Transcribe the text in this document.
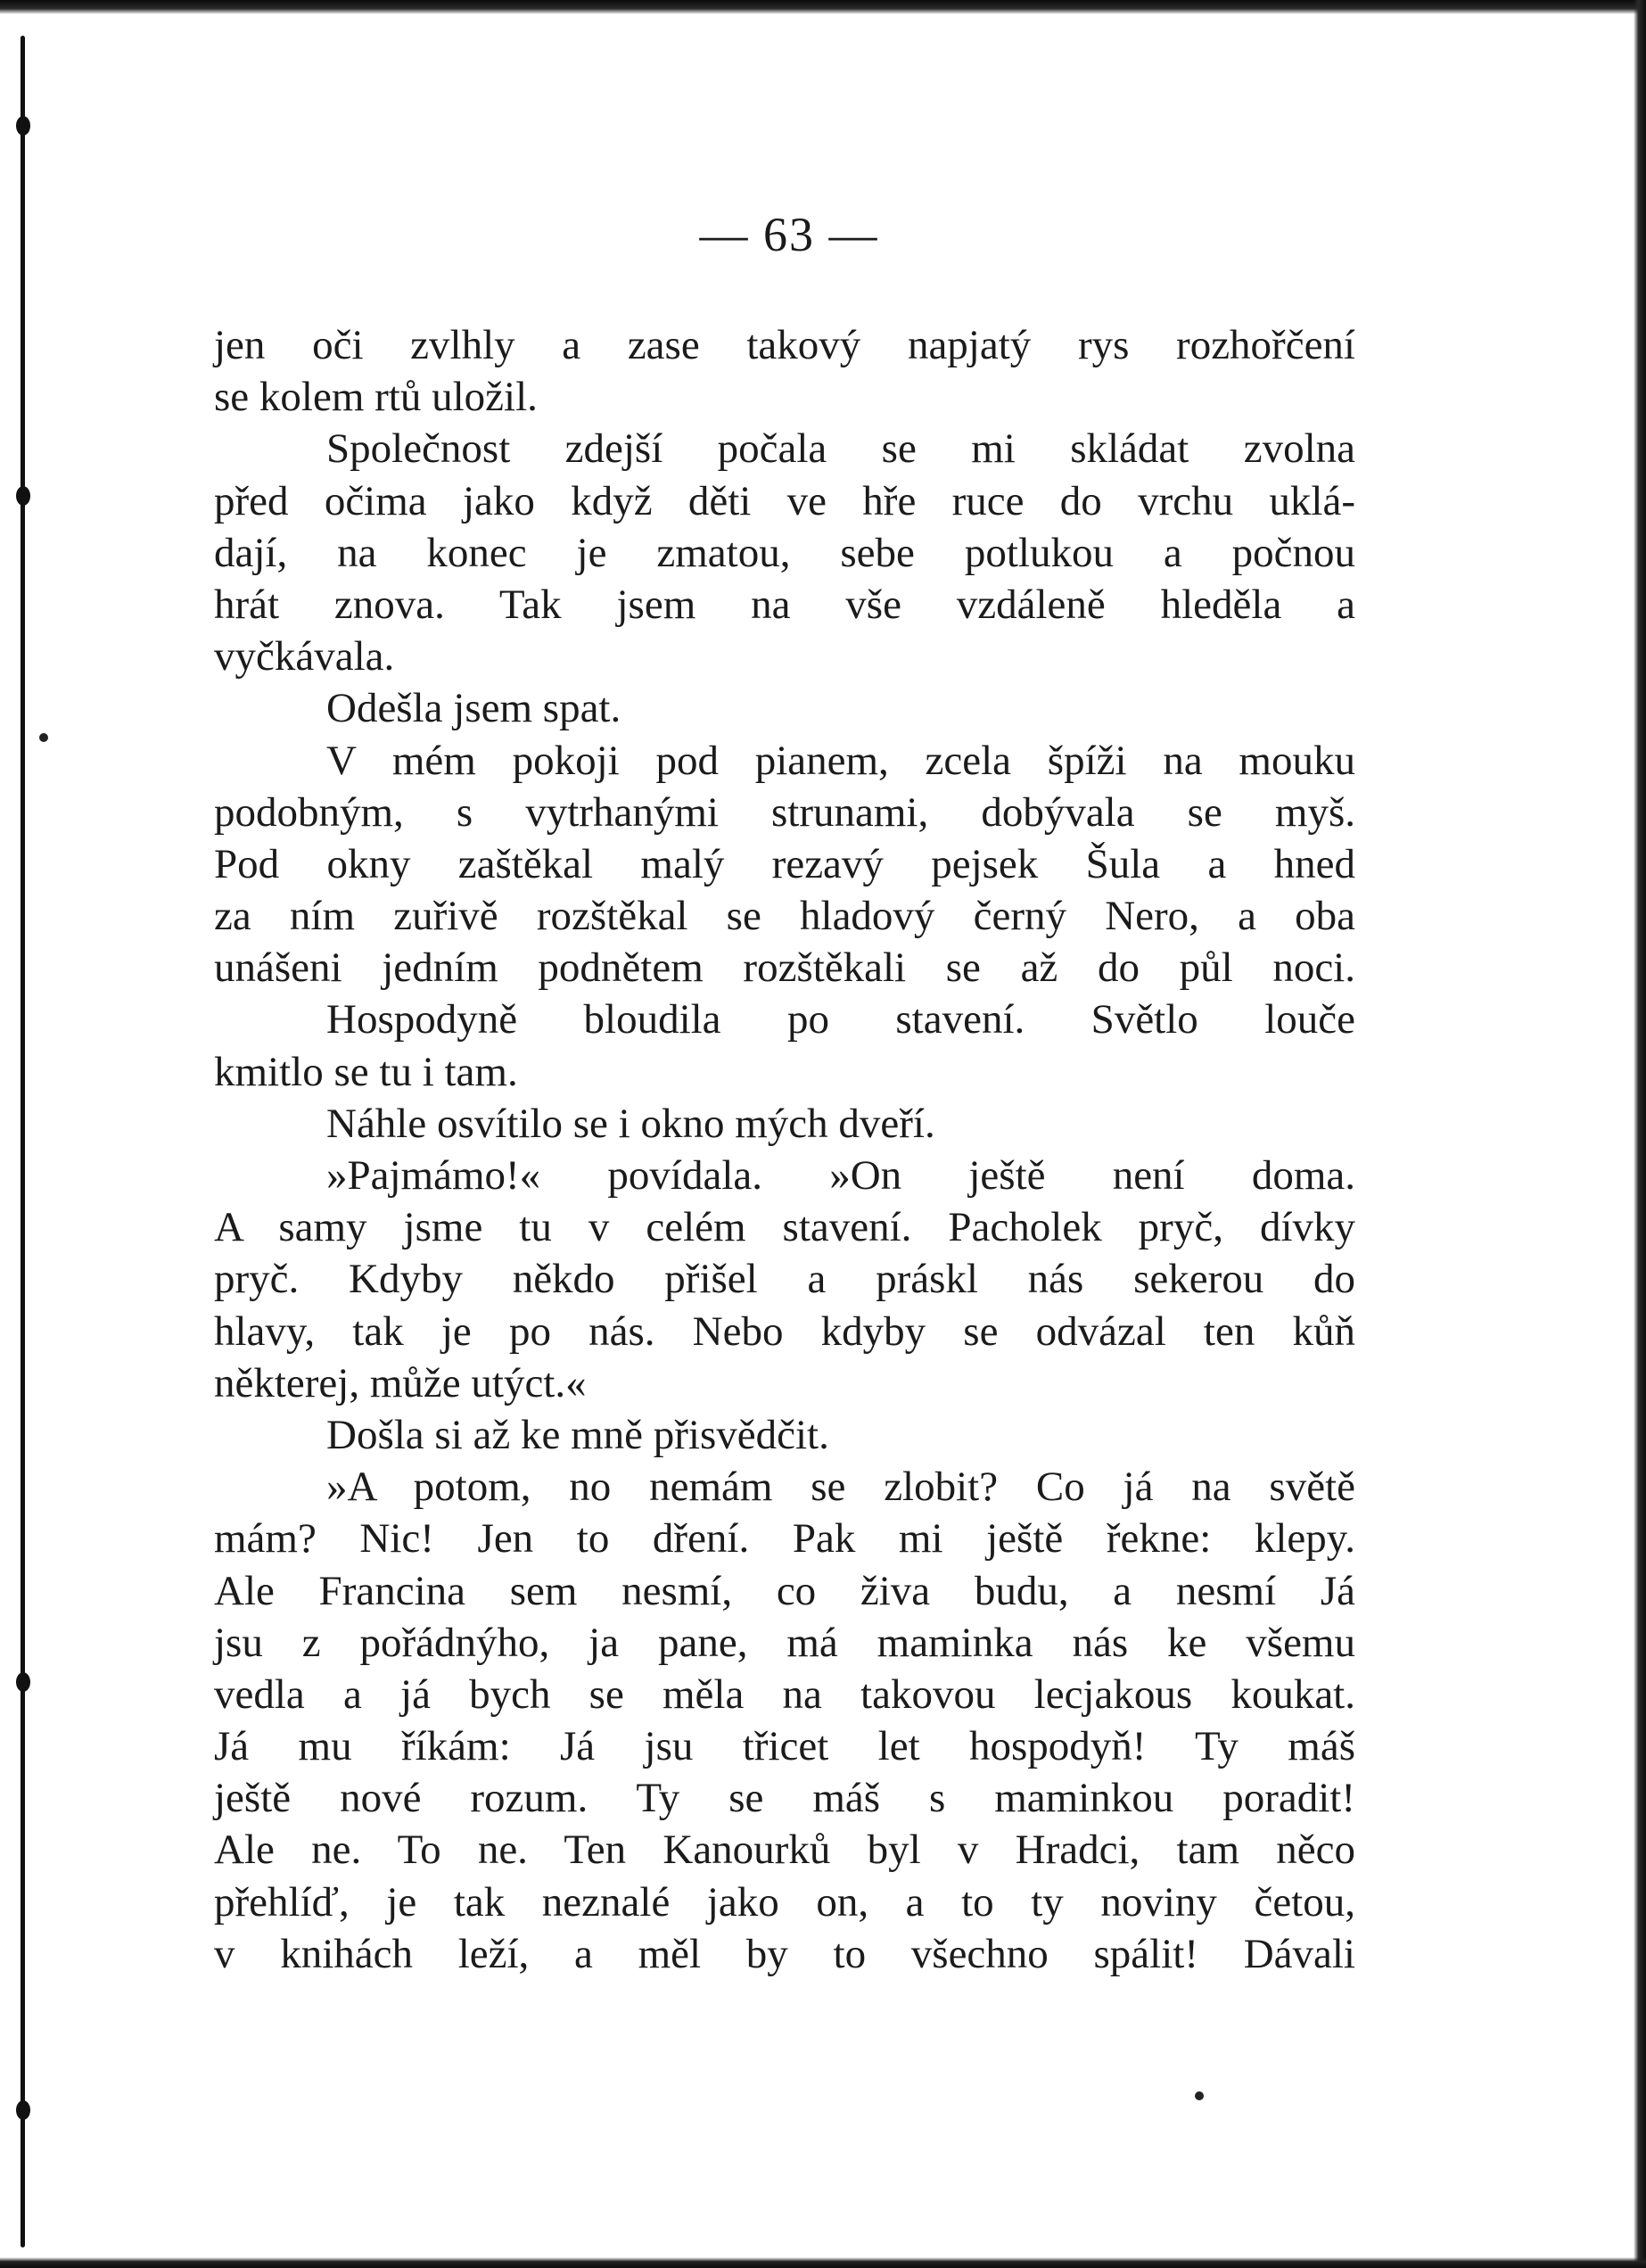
— 63 —
jen oči zvlhly a zase takový napjatý rys rozhořčení
se kolem rtů uložil.
Společnost zdejší počala se mi skládat zvolna
před očima jako když děti ve hře ruce do vrchu uklá-
dají, na konec je zmatou, sebe potlukou a počnou
hrát znova. Tak jsem na vše vzdáleně hleděla a
vyčkávala.
Odešla jsem spat.
V mém pokoji pod pianem, zcela špíži na mouku
podobným, s vytrhanými strunami, dobývala se myš.
Pod okny zaštěkal malý rezavý pejsek Šula a hned
za ním zuřivě rozštěkal se hladový černý Nero, a oba
unášeni jedním podnětem rozštěkali se až do půl noci.
Hospodyně bloudila po stavení. Světlo louče
kmitlo se tu i tam.
Náhle osvítilo se i okno mých dveří.
»Pajmámo!« povídala. »On ještě není doma.
A samy jsme tu v celém stavení. Pacholek pryč, dívky
pryč. Kdyby někdo přišel a práskl nás sekerou do
hlavy, tak je po nás. Nebo kdyby se odvázal ten kůň
některej, může utýct.«
Došla si až ke mně přisvědčit.
»A potom, no nemám se zlobit? Co já na světě
mám? Nic! Jen to dření. Pak mi ještě řekne: klepy.
Ale Francina sem nesmí, co živa budu, a nesmí Já
jsu z pořádnýho, ja pane, má maminka nás ke všemu
vedla a já bych se měla na takovou lecjakous koukat.
Já mu říkám: Já jsu třicet let hospodyň! Ty máš
ještě nové rozum. Ty se máš s maminkou poradit!
Ale ne. To ne. Ten Kanourků byl v Hradci, tam něco
přehlíď, je tak neznalé jako on, a to ty noviny četou,
v knihách leží, a měl by to všechno spálit! Dávali
